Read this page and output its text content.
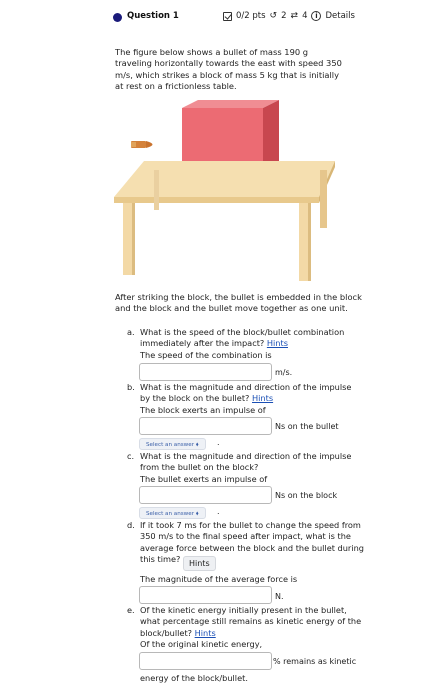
Question 1	0/2 pts ↺ 2 ⇄ 4	i Details
The figure below shows a bullet of mass 190 g traveling horizontally towards the east with speed 350 m/s, which strikes a block of mass 5 kg that is initially at rest on a frictionless table.
After striking the block, the bullet is embedded in the block and the block and the bullet move together as one unit.
a. What is the speed of the block/bullet combination immediately after the impact? Hints
The speed of the combination is
m/s.
b. What is the magnitude and direction of the impulse by the block on the bullet? Hints
The block exerts an impulse of
Ns on the bullet
Select an answer ⬧	.
c. What is the magnitude and direction of the impulse from the bullet on the block?
The bullet exerts an impulse of
Ns on the block
Select an answer ⬧	.
d. If it took 7 ms for the bullet to change the speed from 350 m/s to the final speed after impact, what is the average force between the block and the bullet during this time?	Hints
The magnitude of the average force is
N.
e. Of the kinetic energy initially present in the bullet, what percentage still remains as kinetic energy of the block/bullet? Hints
Of the original kinetic energy,
% remains as kinetic
energy of the block/bullet.
